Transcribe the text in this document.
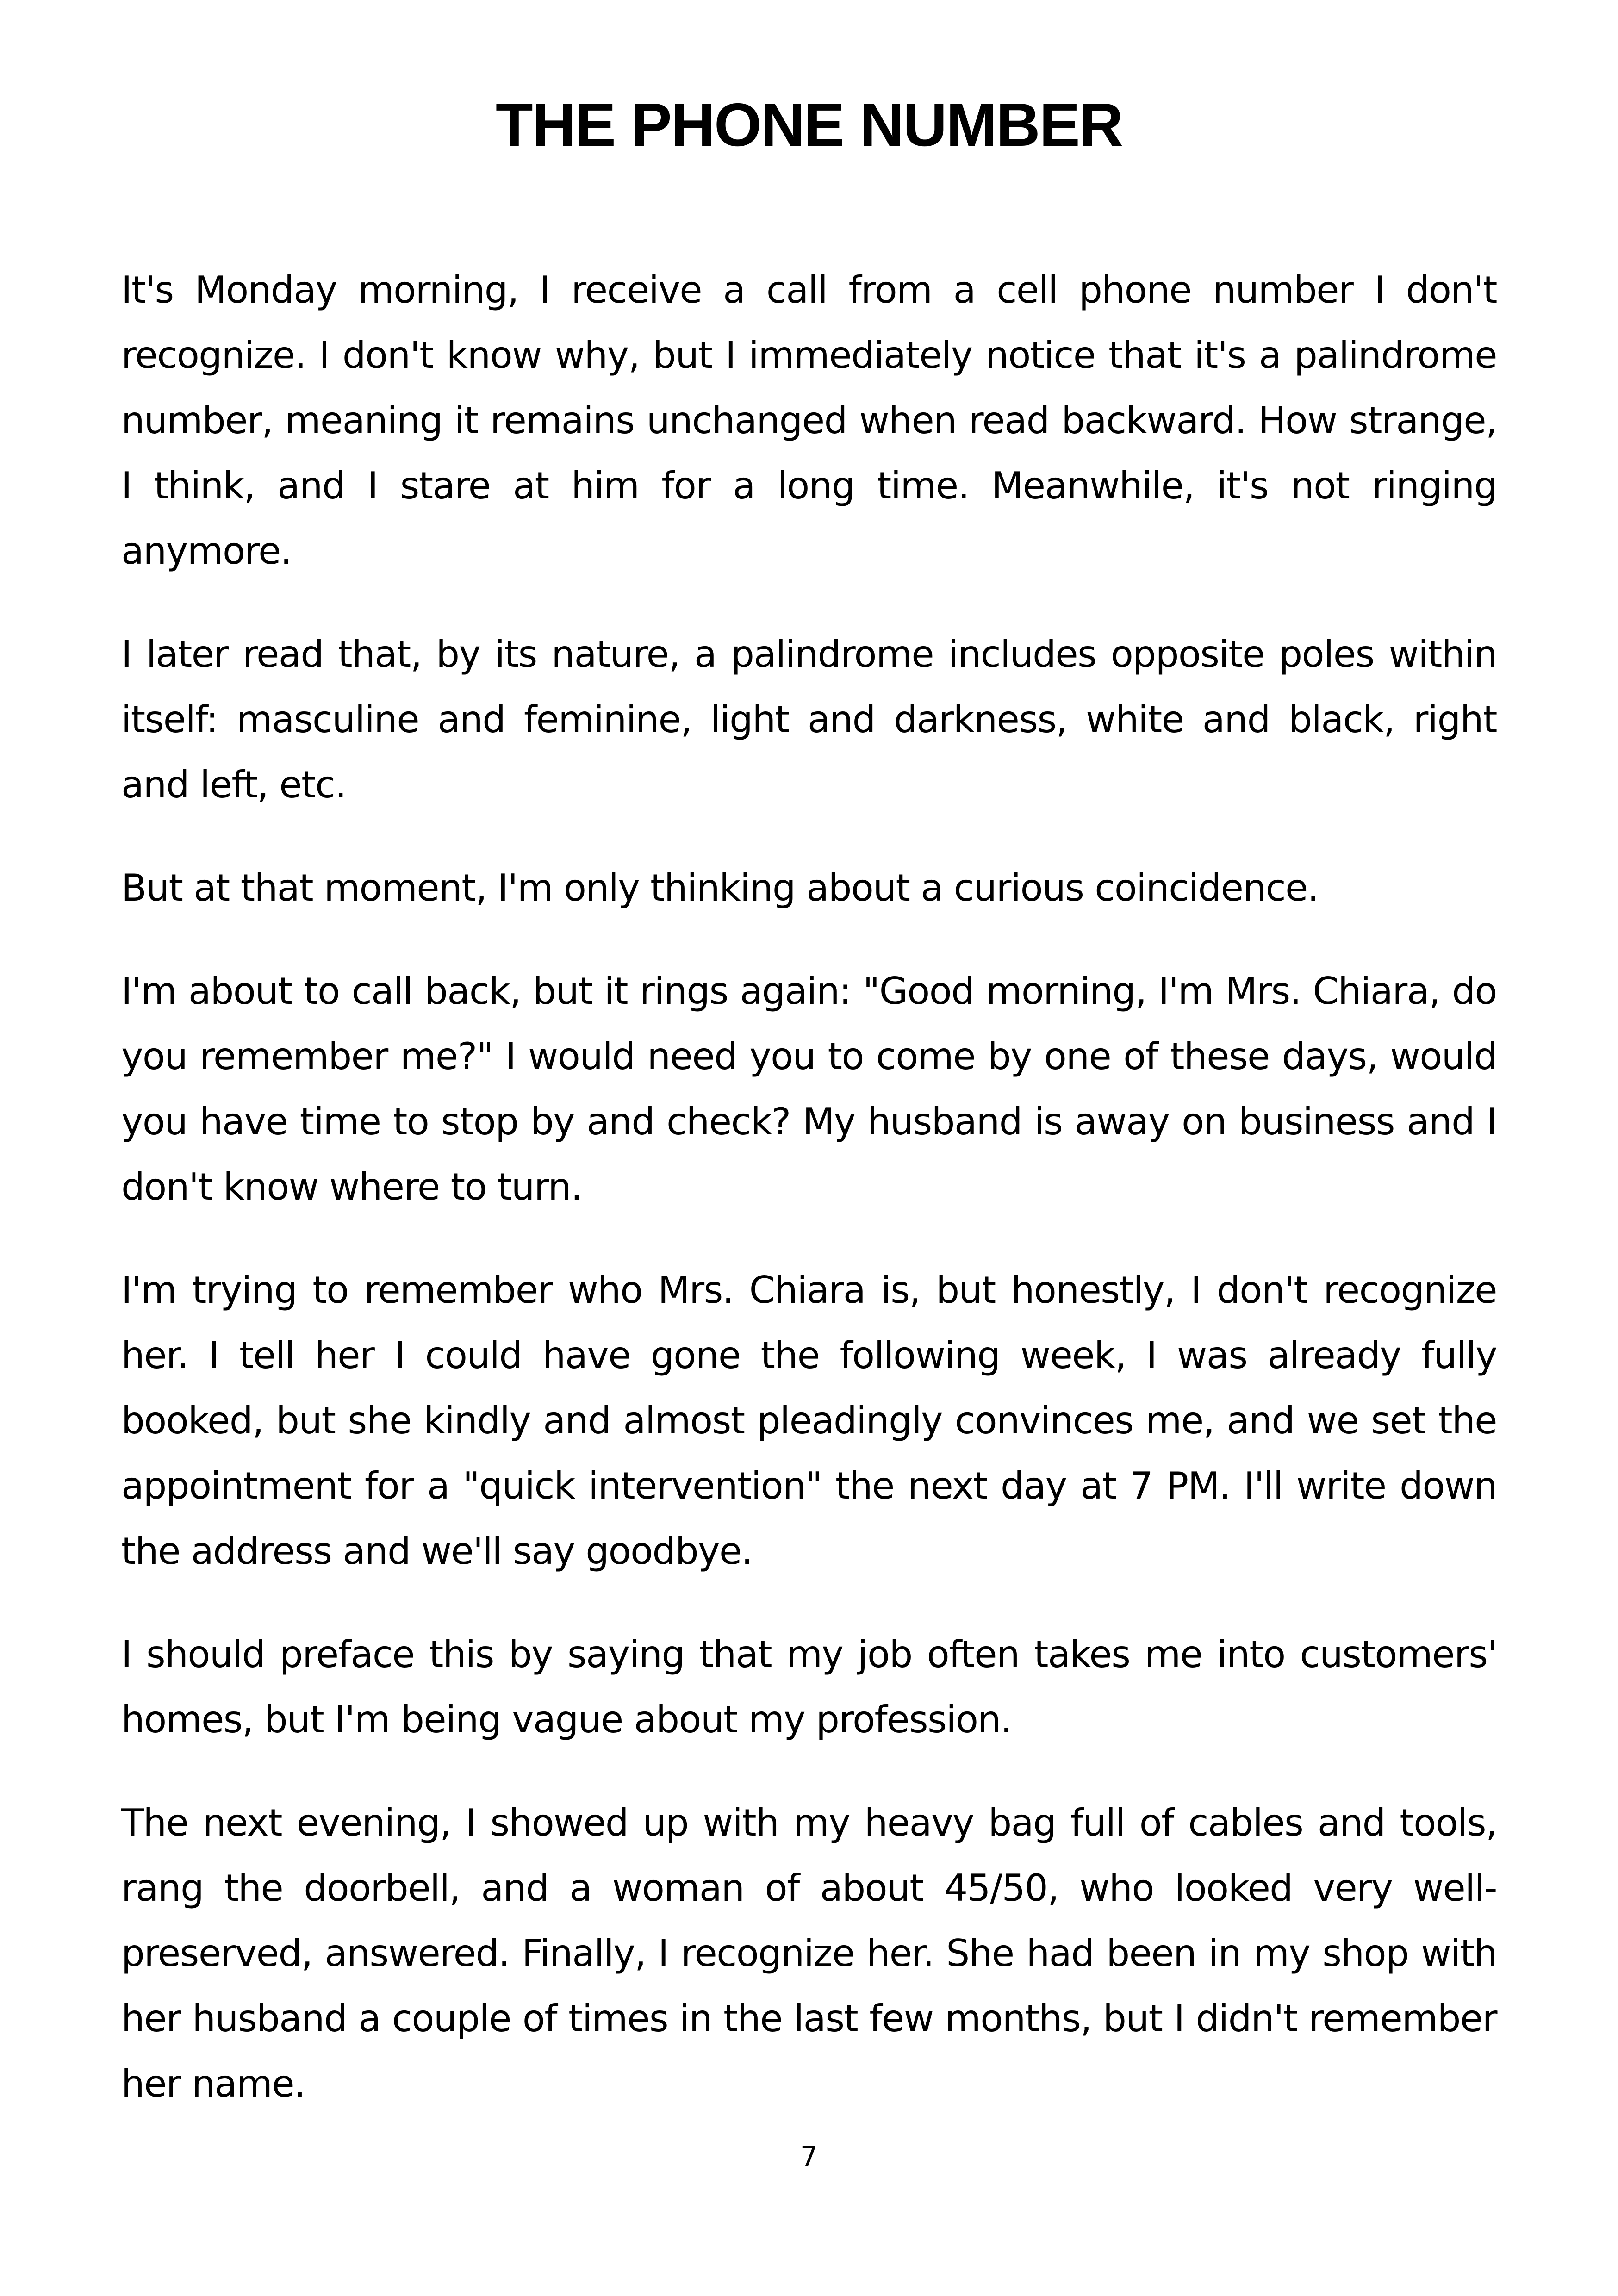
THE PHONE NUMBER

It's Monday morning, I receive a call from a cell phone number I don't recognize. I don't know why, but I immediately notice that it's a palindrome number, meaning it remains unchanged when read backward. How strange, I think, and I stare at him for a long time. Meanwhile, it's not ringing anymore.

I later read that, by its nature, a palindrome includes opposite poles within itself: masculine and feminine, light and darkness, white and black, right and left, etc.

But at that moment, I'm only thinking about a curious coincidence.

I'm about to call back, but it rings again: "Good morning, I'm Mrs. Chiara, do you remember me?" I would need you to come by one of these days, would you have time to stop by and check? My husband is away on business and I don't know where to turn.

I'm trying to remember who Mrs. Chiara is, but honestly, I don't recognize her. I tell her I could have gone the following week, I was already fully booked, but she kindly and almost pleadingly convinces me, and we set the appointment for a "quick intervention" the next day at 7 PM. I'll write down the address and we'll say goodbye.

I should preface this by saying that my job often takes me into customers' homes, but I'm being vague about my profession.

The next evening, I showed up with my heavy bag full of cables and tools, rang the doorbell, and a woman of about 45/50, who looked very well-preserved, answered. Finally, I recognize her. She had been in my shop with her husband a couple of times in the last few months, but I didn't remember her name.

7
